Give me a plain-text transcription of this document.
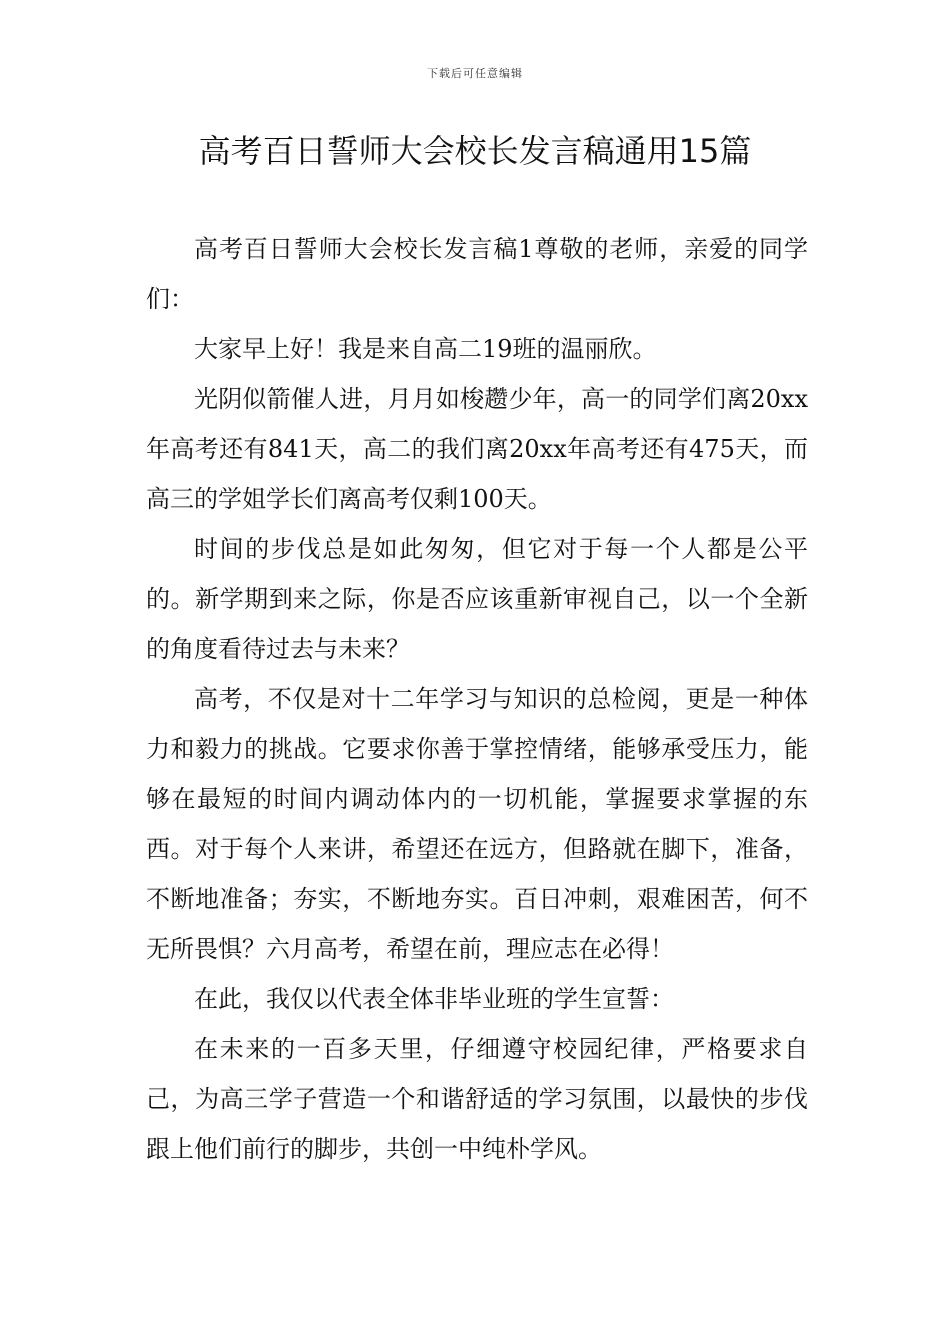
下载后可任意编辑
高考百日誓师大会校长发言稿通用15篇

高考百日誓师大会校长发言稿1尊敬的老师，亲爱的同学们：

大家早上好！我是来自高二19班的温丽欣。

光阴似箭催人进，月月如梭趱少年，高一的同学们离20xx年高考还有841天，高二的我们离20xx年高考还有475天，而高三的学姐学长们离高考仅剩100天。

时间的步伐总是如此匆匆，但它对于每一个人都是公平的。新学期到来之际，你是否应该重新审视自己，以一个全新的角度看待过去与未来？

高考，不仅是对十二年学习与知识的总检阅，更是一种体力和毅力的挑战。它要求你善于掌控情绪，能够承受压力，能够在最短的时间内调动体内的一切机能，掌握要求掌握的东西。对于每个人来讲，希望还在远方，但路就在脚下，准备，不断地准备；夯实，不断地夯实。百日冲刺，艰难困苦，何不无所畏惧？六月高考，希望在前，理应志在必得！

在此，我仅以代表全体非毕业班的学生宣誓：

在未来的一百多天里，仔细遵守校园纪律，严格要求自己，为高三学子营造一个和谐舒适的学习氛围，以最快的步伐跟上他们前行的脚步，共创一中纯朴学风。
